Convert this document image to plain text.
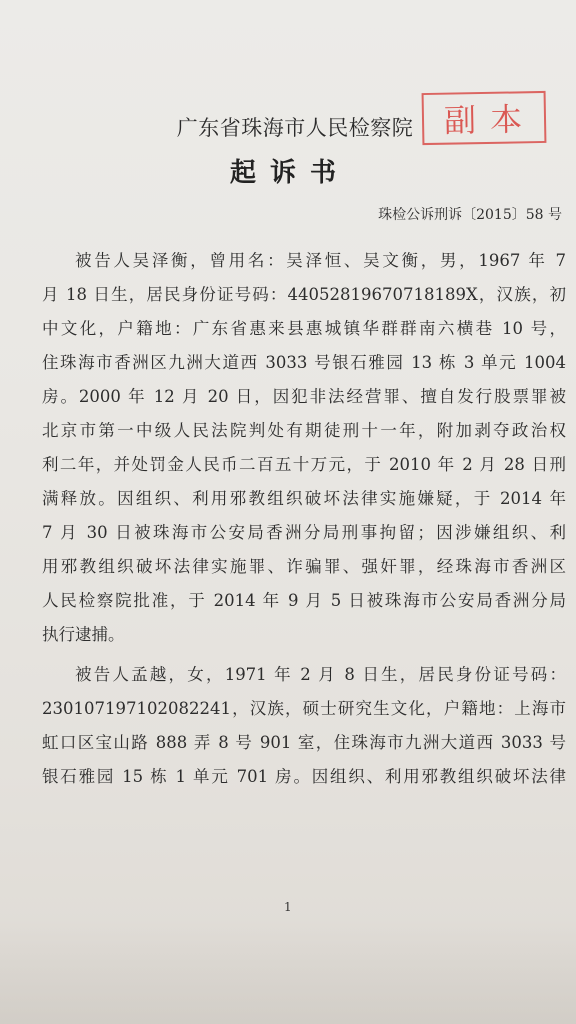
广东省珠海市人民检察院
起诉书
副本
珠检公诉刑诉〔2015〕58 号
被告人吴泽衡，曾用名：吴泽恒、吴文衡，男，1967 年 7
月 18 日生，居民身份证号码：44052819670718189X，汉族，初
中文化，户籍地：广东省惠来县惠城镇华群群南六横巷 10 号，
住珠海市香洲区九洲大道西 3033 号银石雅园 13 栋 3 单元 1004
房。2000 年 12 月 20 日，因犯非法经营罪、擅自发行股票罪被
北京市第一中级人民法院判处有期徒刑十一年，附加剥夺政治权
利二年，并处罚金人民币二百五十万元，于 2010 年 2 月 28 日刑
满释放。因组织、利用邪教组织破坏法律实施嫌疑，于 2014 年
7 月 30 日被珠海市公安局香洲分局刑事拘留；因涉嫌组织、利
用邪教组织破坏法律实施罪、诈骗罪、强奸罪，经珠海市香洲区
人民检察院批准，于 2014 年 9 月 5 日被珠海市公安局香洲分局
执行逮捕。
被告人孟越，女，1971 年 2 月 8 日生，居民身份证号码：
230107197102082241，汉族，硕士研究生文化，户籍地：上海市
虹口区宝山路 888 弄 8 号 901 室，住珠海市九洲大道西 3033 号
银石雅园 15 栋 1 单元 701 房。因组织、利用邪教组织破坏法律
1
